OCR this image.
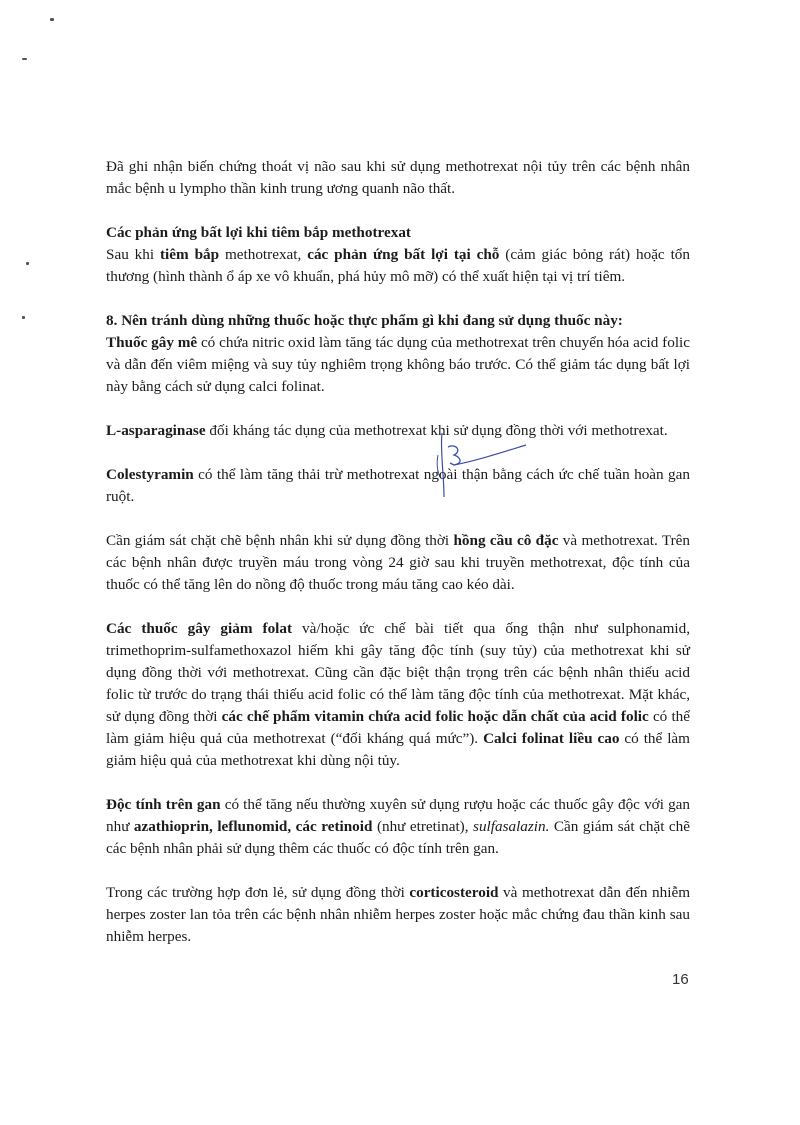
Đã ghi nhận biến chứng thoát vị não sau khi sử dụng methotrexat nội tủy trên các bệnh nhân mắc bệnh u lympho thần kinh trung ương quanh não thất.

Các phản ứng bất lợi khi tiêm bắp methotrexat

Sau khi tiêm bắp methotrexat, các phản ứng bất lợi tại chỗ (cảm giác bỏng rát) hoặc tổn thương (hình thành ổ áp xe vô khuẩn, phá hủy mô mỡ) có thể xuất hiện tại vị trí tiêm.

8. Nên tránh dùng những thuốc hoặc thực phẩm gì khi đang sử dụng thuốc này:

Thuốc gây mê có chứa nitric oxid làm tăng tác dụng của methotrexat trên chuyển hóa acid folic và dẫn đến viêm miệng và suy tủy nghiêm trọng không báo trước. Có thể giảm tác dụng bất lợi này bằng cách sử dụng calci folinat.

L-asparaginase đối kháng tác dụng của methotrexat khi sử dụng đồng thời với methotrexat.

Colestyramin có thể làm tăng thải trừ methotrexat ngoài thận bằng cách ức chế tuần hoàn gan ruột.

Cần giám sát chặt chẽ bệnh nhân khi sử dụng đồng thời hồng cầu cô đặc và methotrexat. Trên các bệnh nhân được truyền máu trong vòng 24 giờ sau khi truyền methotrexat, độc tính của thuốc có thể tăng lên do nồng độ thuốc trong máu tăng cao kéo dài.

Các thuốc gây giảm folat và/hoặc ức chế bài tiết qua ống thận như sulphonamid, trimethoprim-sulfamethoxazol hiếm khi gây tăng độc tính (suy tủy) của methotrexat khi sử dụng đồng thời với methotrexat. Cũng cần đặc biệt thận trọng trên các bệnh nhân thiếu acid folic từ trước do trạng thái thiếu acid folic có thể làm tăng độc tính của methotrexat. Mặt khác, sử dụng đồng thời các chế phẩm vitamin chứa acid folic hoặc dẫn chất của acid folic có thể làm giảm hiệu quả của methotrexat (“đối kháng quá mức”). Calci folinat liều cao có thể làm giảm hiệu quả của methotrexat khi dùng nội tủy.

Độc tính trên gan có thể tăng nếu thường xuyên sử dụng rượu hoặc các thuốc gây độc với gan như azathioprin, leflunomid, các retinoid (như etretinat), sulfasalazin. Cần giám sát chặt chẽ các bệnh nhân phải sử dụng thêm các thuốc có độc tính trên gan.

Trong các trường hợp đơn lẻ, sử dụng đồng thời corticosteroid và methotrexat dẫn đến nhiễm herpes zoster lan tỏa trên các bệnh nhân nhiễm herpes zoster hoặc mắc chứng đau thần kinh sau nhiễm herpes.

16
